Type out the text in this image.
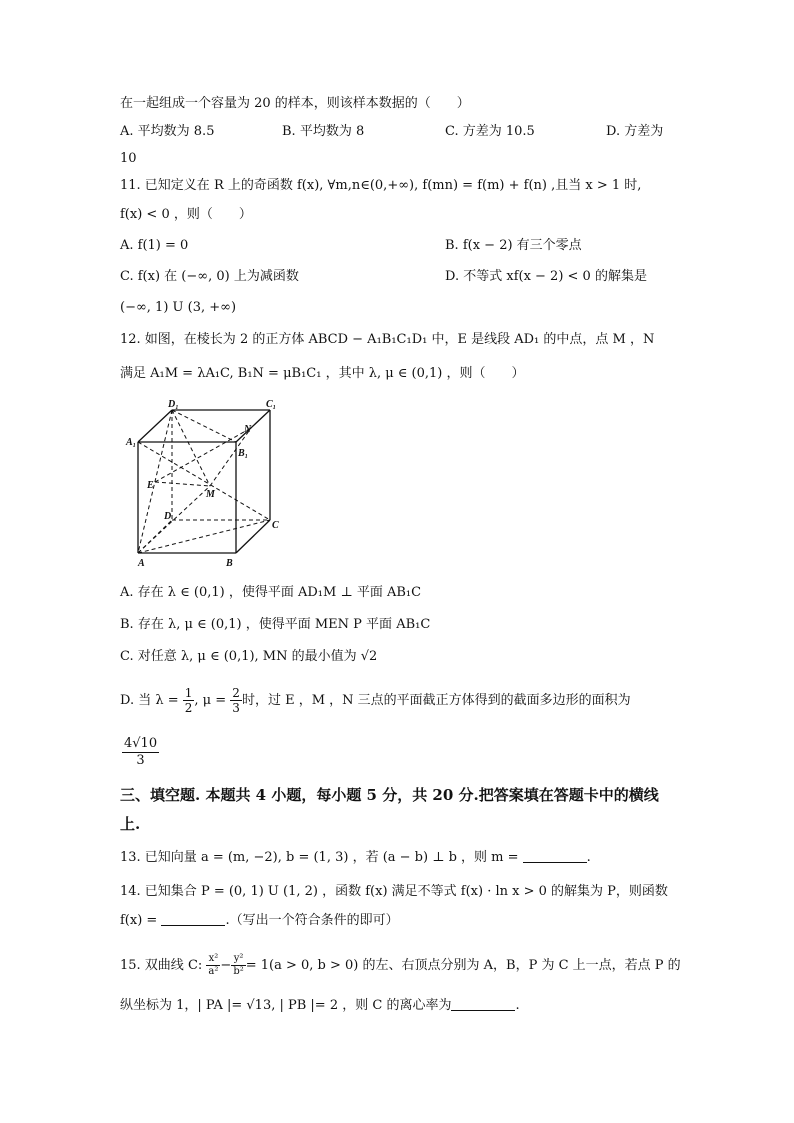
在一起组成一个容量为 20 的样本，则该样本数据的（　　）
A. 平均数为 8.5	B. 平均数为 8	C. 方差为 10.5	D. 方差为
10
11. 已知定义在 R 上的奇函数 f(x), ∀m,n∈(0,+∞), f(mn) = f(m) + f(n) ,且当 x > 1 时,
f(x) < 0 ，则（　　）
A. f(1) = 0	B. f(x − 2) 有三个零点
C. f(x) 在 (−∞, 0) 上为减函数	D. 不等式 xf(x − 2) < 0 的解集是
(−∞, 1) U (3, +∞)
12. 如图，在棱长为 2 的正方体 ABCD − A₁B₁C₁D₁ 中，E 是线段 AD₁ 的中点，点 M ，N
满足 A₁M = λA₁C, B₁N = μB₁C₁ ，其中 λ, μ ∈ (0,1) ，则（　　）
D₁	C₁
A₁
B₁
N
E
M
D
C
A	B
A. 存在 λ ∈ (0,1) ，使得平面 AD₁M ⊥ 平面 AB₁C
B. 存在 λ, μ ∈ (0,1) ，使得平面 MEN P 平面 AB₁C
C. 对任意 λ, μ ∈ (0,1), MN 的最小值为 √2
D. 当 $\lambda = \frac{1}{2}$ , $\mu = \frac{2}{3}$ 时，过 E ，M ，N 三点的平面截正方体得到的截面多边形的面积为
$\frac{4√10}{3}$
三、填空题. 本题共 4 小题，每小题 5 分，共 20 分.把答案填在答题卡中的横线
上.
13. 已知向量 a = (m, −2), b = (1, 3) ，若 (a − b) ⊥ b ，则 m =	.
14. 已知集合 P = (0, 1) U (1, 2) ，函数 f(x) 满足不等式 f(x) · ln x > 0 的解集为 P，则函数
f(x) =	.（写出一个符合条件的即可）
15. 双曲线 C: $\frac{\text{x²}}{\text{a²}} - \frac{\text{y²}}{\text{b²}} = 1(a > 0$, b > 0) 的左、右顶点分别为 A，B，P 为 C 上一点，若点 P 的
纵坐标为 1，| PA |= √13, | PB |= 2 ，则 C 的离心率为	.
